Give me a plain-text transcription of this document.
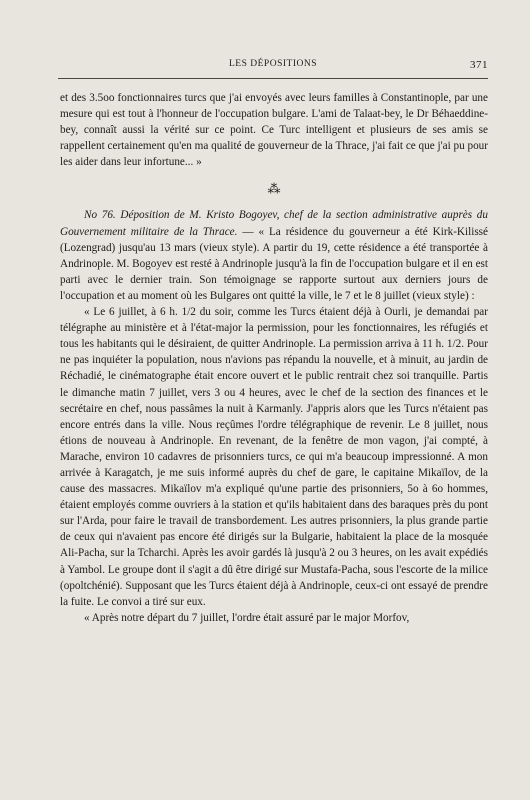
LES DÉPOSITIONS	371

et des 3.5oo fonctionnaires turcs que j'ai envoyés avec leurs familles à Constantinople, par une mesure qui est tout à l'honneur de l'occupation bulgare. L'ami de Talaat-bey, le Dr Béhaeddine-bey, connaît aussi la vérité sur ce point. Ce Turc intelligent et plusieurs de ses amis se rappellent certainement qu'en ma qualité de gouverneur de la Thrace, j'ai fait ce que j'ai pu pour les aider dans leur infortune... »

⁂

No 76. Déposition de M. Kristo Bogoyev, chef de la section administrative auprès du Gouvernement militaire de la Thrace. — « La résidence du gouverneur a été Kirk-Kilissé (Lozengrad) jusqu'au 13 mars (vieux style). A partir du 19, cette résidence a été transportée à Andrinople. M. Bogoyev est resté à Andrinople jusqu'à la fin de l'occupation bulgare et il en est parti avec le dernier train. Son témoignage se rapporte surtout aux derniers jours de l'occupation et au moment où les Bulgares ont quitté la ville, le 7 et le 8 juillet (vieux style) :

« Le 6 juillet, à 6 h. 1/2 du soir, comme les Turcs étaient déjà à Ourli, je demandai par télégraphe au ministère et à l'état-major la permission, pour les fonctionnaires, les réfugiés et tous les habitants qui le désiraient, de quitter Andrinople. La permission arriva à 11 h. 1/2. Pour ne pas inquiéter la population, nous n'avions pas répandu la nouvelle, et à minuit, au jardin de Réchadié, le cinématographe était encore ouvert et le public rentrait chez soi tranquille. Partis le dimanche matin 7 juillet, vers 3 ou 4 heures, avec le chef de la section des finances et le secrétaire en chef, nous passâmes la nuit à Karmanly. J'appris alors que les Turcs n'étaient pas encore entrés dans la ville. Nous reçûmes l'ordre télégraphique de revenir. Le 8 juillet, nous étions de nouveau à Andrinople. En revenant, de la fenêtre de mon vagon, j'ai compté, à Marache, environ 10 cadavres de prisonniers turcs, ce qui m'a beaucoup impressionné. A mon arrivée à Karagatch, je me suis informé auprès du chef de gare, le capitaine Mikaïlov, de la cause des massacres. Mikaïlov m'a expliqué qu'une partie des prisonniers, 5o à 6o hommes, étaient employés comme ouvriers à la station et qu'ils habitaient dans des baraques près du pont sur l'Arda, pour faire le travail de transbordement. Les autres prisonniers, la plus grande partie de ceux qui n'avaient pas encore été dirigés sur la Bulgarie, habitaient la place de la mosquée Ali-Pacha, sur la Tcharchi. Après les avoir gardés là jusqu'à 2 ou 3 heures, on les avait expédiés à Yambol. Le groupe dont il s'agit a dû être dirigé sur Mustafa-Pacha, sous l'escorte de la milice (opoltchénié). Supposant que les Turcs étaient déjà à Andrinople, ceux-ci ont essayé de prendre la fuite. Le convoi a tiré sur eux.

« Après notre départ du 7 juillet, l'ordre était assuré par le major Morfov,
